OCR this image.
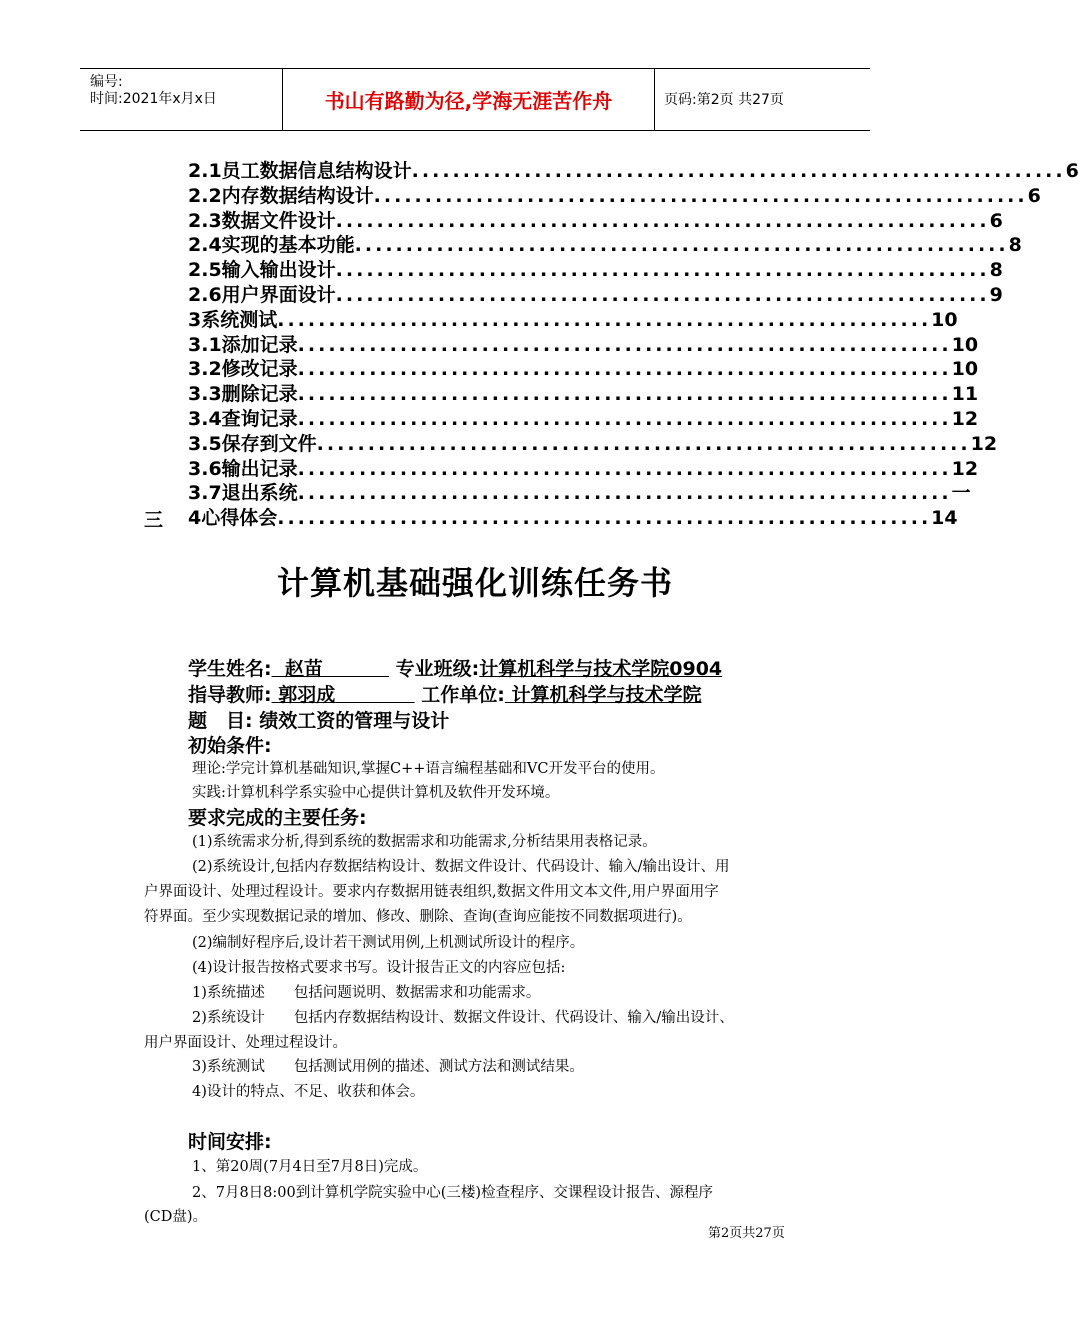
编号:
时间:2021年x月x日	书山有路勤为径,学海无涯苦作舟	页码:第2页 共27页
2.1员工数据信息结构设计 ................................................................ 6
2.2内存数据结构设计 ................................................................ 6
2.3数据文件设计 ................................................................ 6
2.4实现的基本功能 ................................................................ 8
2.5输入输出设计 ................................................................ 8
2.6用户界面设计 ................................................................ 9
3系统测试 ................................................................ 10
3.1添加记录 ................................................................ 10
3.2修改记录 ................................................................ 10
3.3删除记录 ................................................................ 11
3.4查询记录 ................................................................ 12
3.5保存到文件 ................................................................ 12
3.6输出记录 ................................................................ 12
3.7退出系统 ................................................................ 一
4心得体会 ................................................................ 14
三
计算机基础强化训练任务书
学生姓名: 赵苗	专业班级:计算机科学与技术学院0904
指导教师: 郭羽成	工作单位: 计算机科学与技术学院
题　目: 绩效工资的管理与设计
初始条件:
理论:学完计算机基础知识,掌握C++语言编程基础和VC开发平台的使用。
实践:计算机科学系实验中心提供计算机及软件开发环境。
要求完成的主要任务:
(1)系统需求分析,得到系统的数据需求和功能需求,分析结果用表格记录。
(2)系统设计,包括内存数据结构设计、数据文件设计、代码设计、输入/输出设计、用
户界面设计、处理过程设计。要求内存数据用链表组织,数据文件用文本文件,用户界面用字
符界面。至少实现数据记录的增加、修改、删除、查询(查询应能按不同数据项进行)。
(2)编制好程序后,设计若干测试用例,上机测试所设计的程序。
(4)设计报告按格式要求书写。设计报告正文的内容应包括:
1)系统描述　　包括问题说明、数据需求和功能需求。
2)系统设计　　包括内存数据结构设计、数据文件设计、代码设计、输入/输出设计、
用户界面设计、处理过程设计。
3)系统测试　　包括测试用例的描述、测试方法和测试结果。
4)设计的特点、不足、收获和体会。
时间安排:
1、第20周(7月4日至7月8日)完成。
2、7月8日8:00到计算机学院实验中心(三楼)检查程序、交课程设计报告、源程序
(CD盘)。
第2页共27页
